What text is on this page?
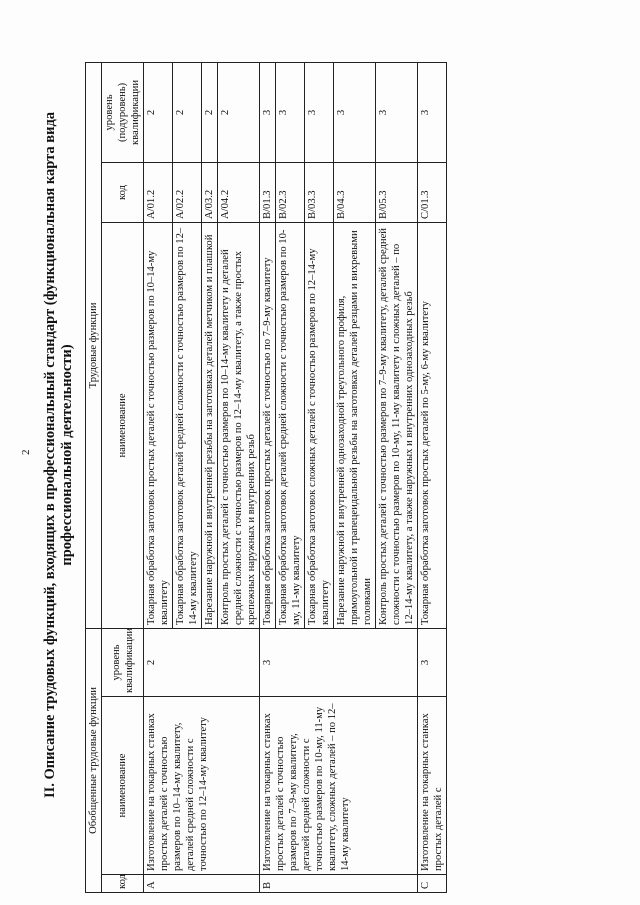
2 II. Описание трудовых функций, входящих в профессиональный стандарт (функциональная карта вида
профессиональной деятельности)
Обобщенные трудовые функции			Трудовые функции		
код	наименование	уровень квалификации	наименование	код	уровень (подуровень) квалификации
A	Изготовление на токарных станках простых деталей с точностью размеров по 10–14-му квалитету, деталей средней сложности с точностью по 12–14-му квалитету	2	Токарная обработка заготовок простых деталей с точностью размеров по 10–14-му квалитету	A/01.2	2
			Токарная обработка заготовок деталей средней сложности с точностью размеров по 12–14-му квалитету	A/02.2	2
			Нарезание наружной и внутренней резьбы на заготовках деталей метчиком и плашкой	A/03.2	2
			Контроль простых деталей с точностью размеров по 10–14-му квалитету и деталей средней сложности с точностью размеров по 12–14-му квалитету, а также простых крепежных наружных и внутренних резьб	A/04.2	2
B	Изготовление на токарных станках простых деталей с точностью размеров по 7–9-му квалитету, деталей средней сложности с точностью размеров по 10-му, 11-му квалитету, сложных деталей – по 12–14-му квалитету	3	Токарная обработка заготовок простых деталей с точностью по 7–9-му квалитету	B/01.3	3
			Токарная обработка заготовок деталей средней сложности с точностью размеров по 10-му, 11-му квалитету	B/02.3	3
			Токарная обработка заготовок сложных деталей с точностью размеров по 12–14-му квалитету	B/03.3	3
			Нарезание наружной и внутренней однозаходной треугольного профиля, прямоугольной и трапецеидальной резьбы на заготовках деталей резцами и вихревыми головками	B/04.3	3
			Контроль простых деталей с точностью размеров по 7–9-му квалитету, деталей средней сложности с точностью размеров по 10-му, 11-му квалитету и сложных деталей – по 12–14-му квалитету, а также наружных и внутренних однозаходных резьб	B/05.3	3
C	Изготовление на токарных станках простых деталей с	3	Токарная обработка заготовок простых деталей по 5-му, 6-му квалитету	C/01.3	3
